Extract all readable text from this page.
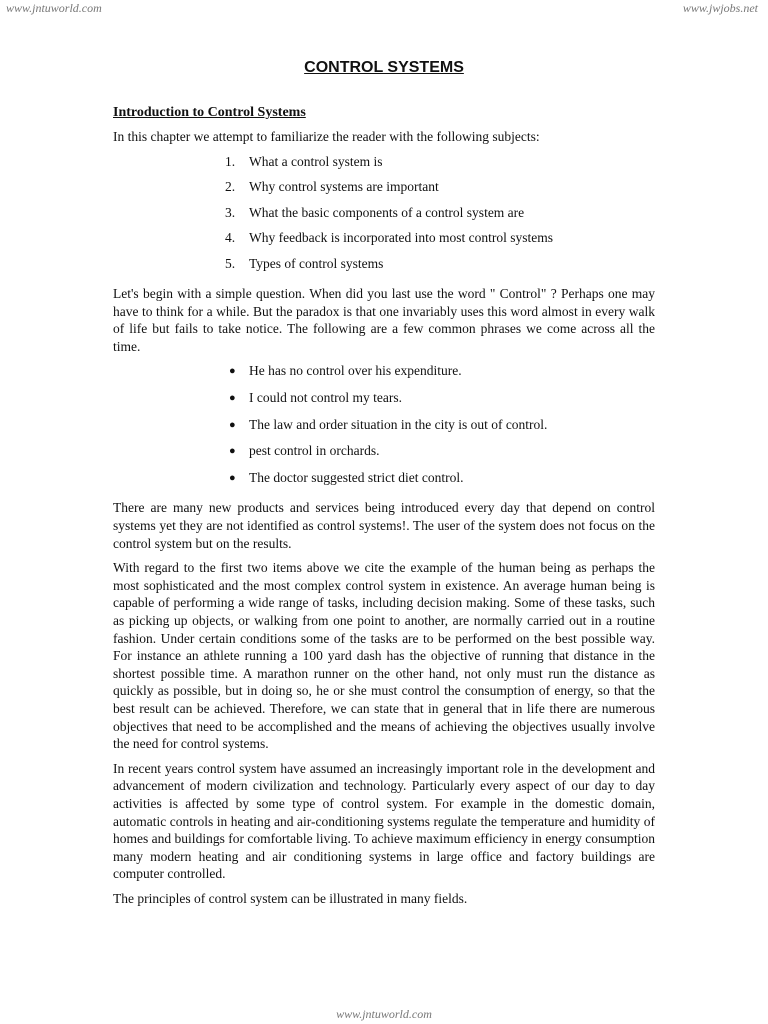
www.jntuworld.com	www.jwjobs.net
CONTROL SYSTEMS
Introduction to Control Systems
In this chapter we attempt to familiarize the reader with the following subjects:
1. What a control system is
2. Why control systems are important
3. What the basic components of a control system are
4. Why feedback is incorporated into most control systems
5. Types of control systems
Let's begin with a simple question. When did you last use the word " Control" ? Perhaps one may have to think for a while. But the paradox is that one invariably uses this word almost in every walk of life but fails to take notice. The following are a few common phrases we come across all the time.
● He has no control over his expenditure.
● I could not control my tears.
● The law and order situation in the city is out of control.
● pest control in orchards.
● The doctor suggested strict diet control.
There are many new products and services being introduced every day that depend on control systems yet they are not identified as control systems!. The user of the system does not focus on the control system but on the results.
With regard to the first two items above we cite the example of the human being as perhaps the most sophisticated and the most complex control system in existence. An average human being is capable of performing a wide range of tasks, including decision making. Some of these tasks, such as picking up objects, or walking from one point to another, are normally carried out in a routine fashion. Under certain conditions some of the tasks are to be performed on the best possible way. For instance an athlete running a 100 yard dash has the objective of running that distance in the shortest possible time. A marathon runner on the other hand, not only must run the distance as quickly as possible, but in doing so, he or she must control the consumption of energy, so that the best result can be achieved. Therefore, we can state that in general that in life there are numerous objectives that need to be accomplished and the means of achieving the objectives usually involve the need for control systems.
In recent years control system have assumed an increasingly important role in the development and advancement of modern civilization and technology. Particularly every aspect of our day to day activities is affected by some type of control system. For example in the domestic domain, automatic controls in heating and air-conditioning systems regulate the temperature and humidity of homes and buildings for comfortable living. To achieve maximum efficiency in energy consumption many modern heating and air conditioning systems in large office and factory buildings are computer controlled.
The principles of control system can be illustrated in many fields.
www.jntuworld.com
